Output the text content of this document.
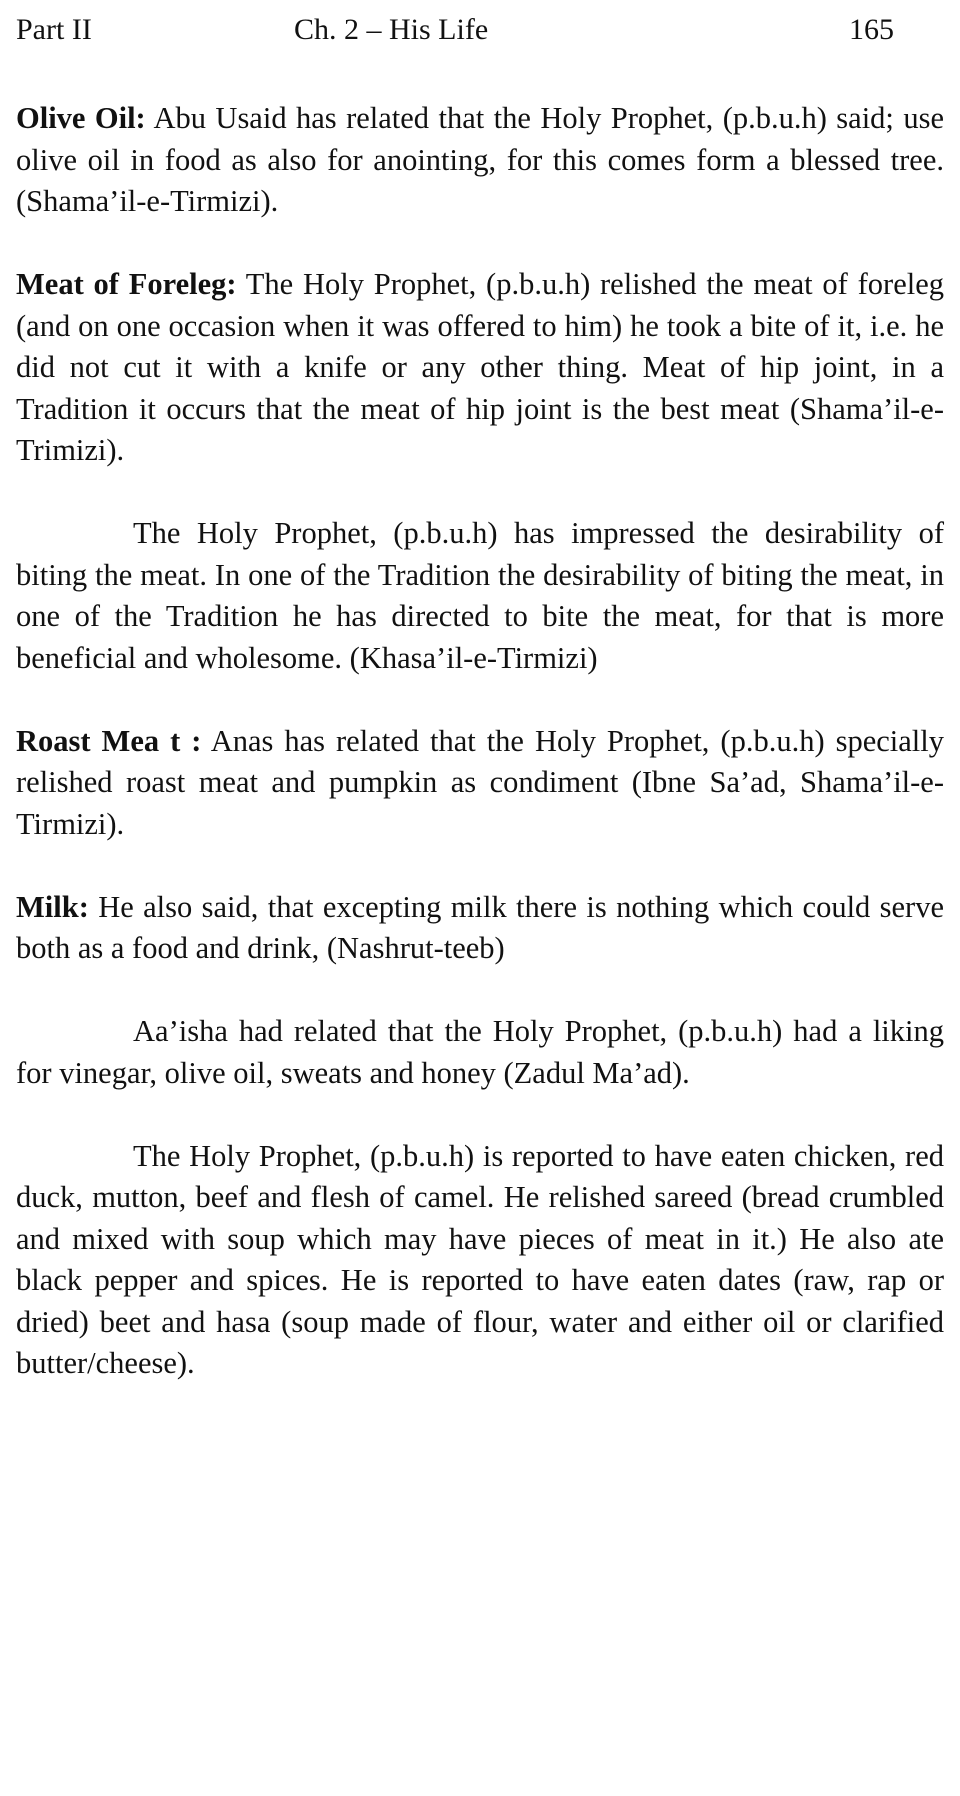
Part II	Ch. 2 – His Life	165

Olive Oil: Abu Usaid has related that the Holy Prophet, (p.b.u.h) said; use olive oil in food as also for anointing, for this comes form a blessed tree. (Shama’il-e-Tirmizi).

Meat of Foreleg: The Holy Prophet, (p.b.u.h) relished the meat of foreleg (and on one occasion when it was offered to him) he took a bite of it, i.e. he did not cut it with a knife or any other thing. Meat of hip joint, in a Tradition it occurs that the meat of hip joint is the best meat (Shama’il-e-Trimizi).

The Holy Prophet, (p.b.u.h) has impressed the desirability of biting the meat. In one of the Tradition the desirability of biting the meat, in one of the Tradition he has directed to bite the meat, for that is more beneficial and wholesome. (Khasa’il-e-Tirmizi)

Roast Mea t : Anas has related that the Holy Prophet, (p.b.u.h) specially relished roast meat and pumpkin as condiment (Ibne Sa’ad, Shama’il-e-Tirmizi).

Milk: He also said, that excepting milk there is nothing which could serve both as a food and drink, (Nashrut-teeb)

Aa’isha had related that the Holy Prophet, (p.b.u.h) had a liking for vinegar, olive oil, sweats and honey (Zadul Ma’ad).

The Holy Prophet, (p.b.u.h) is reported to have eaten chicken, red duck, mutton, beef and flesh of camel. He relished sareed (bread crumbled and mixed with soup which may have pieces of meat in it.) He also ate black pepper and spices. He is reported to have eaten dates (raw, rap or dried) beet and hasa (soup made of flour, water and either oil or clarified butter/cheese).
